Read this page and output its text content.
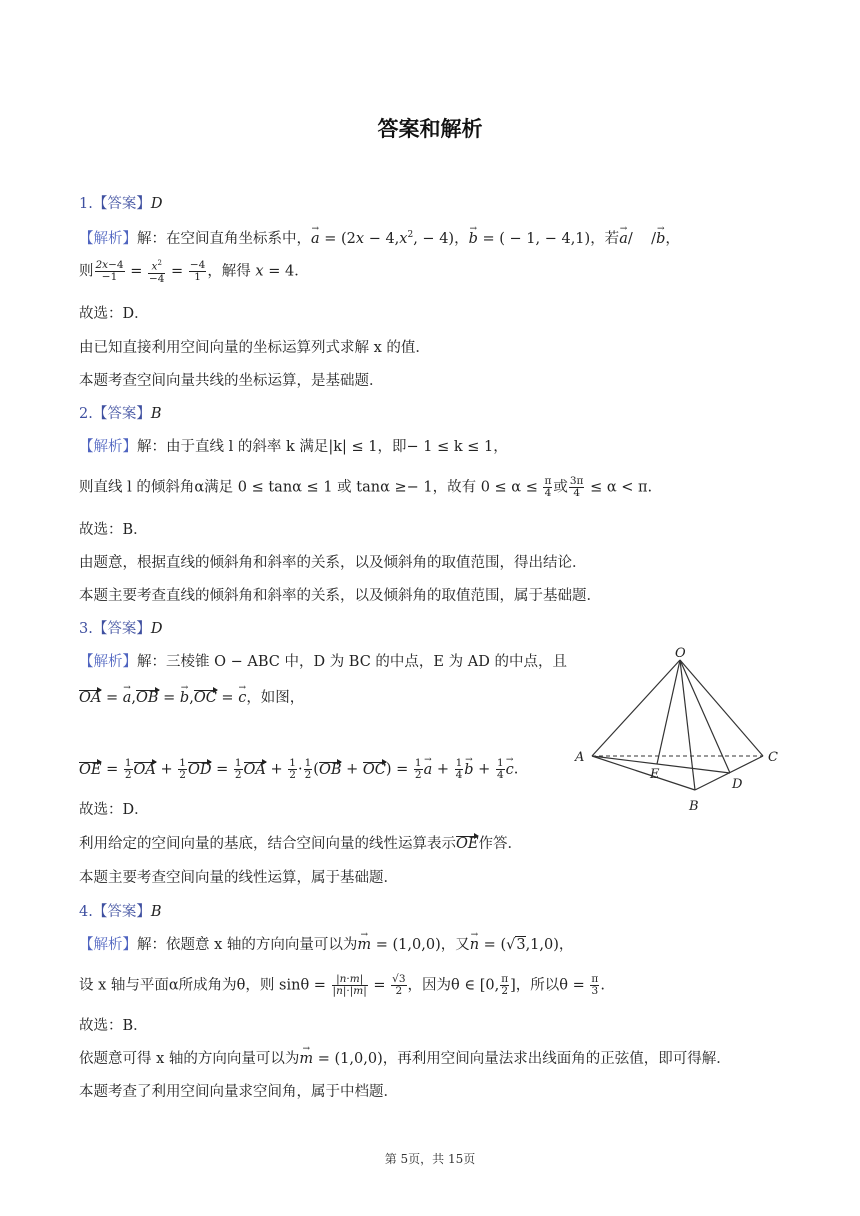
答案和解析
1.【答案】D
【解析】解：在空间直角坐标系中，→ $a = (2x - 4,x^2$, − 4)，→ b = ( − 1, − 4,1)，若→ a/    /→ b，
则 $\frac{2x-4}{-1} = \frac{x^2}{-4} = \frac{-4}{1}$ ，解得 x = 4．
故选：D．
由已知直接利用空间向量的坐标运算列式求解 x 的值．
本题考查空间向量共线的坐标运算，是基础题．
2.【答案】B
【解析】解：由于直线 l 的斜率 k 满足|k| ≤ 1，即− 1 ≤ k ≤ 1，
则直线 l 的倾斜角α满足 0 ≤ tanα ≤ 1 或 tanα ≥− 1，故有 $0 \le \alpha \le \frac{\pi}{4}$ 或 $\frac{3\pi}{4} \le \alpha < \pi$.
故选：B．
由题意，根据直线的倾斜角和斜率的关系，以及倾斜角的取值范围，得出结论．
本题主要考查直线的倾斜角和斜率的关系，以及倾斜角的取值范围，属于基础题．
3.【答案】D
【解析】解：三棱锥 O − ABC 中，D 为 BC 的中点，E 为 AD 的中点，且
OA = → a,OB = → b,OC = → c，如图，
OE = $\frac{1}{2}$ OA + $\frac{1}{2}$ OD = $\frac{1}{2}$ OA + $\frac{1}{2} \cdot \frac{1}{2} (OB + OC) = \frac{1}{2}$
→ $a + \frac{1}{4}$
→ $b + \frac{1}{4}$
→ c.
故选：D．
利用给定的空间向量的基底，结合空间向量的线性运算表示OE作答．
本题主要考查空间向量的线性运算，属于基础题．
O
A
B
C
D
E
4.【答案】B
【解析】解：依题意 x 轴的方向向量可以为→ m = (1,0,0)，又→ n = (√3,1,0)，
设 x 轴与平面α所成角为θ，则 $\sin\theta = \frac{|n\cdot m|}{|n|\cdot|m|} = \frac{√3}{2}$ ，因为θ ∈ [0, $\frac{\pi}{2}$ ]，所以$\theta = \frac{\pi}{3}$ .
故选：B．
依题意可得 x 轴的方向向量可以为→ m = (1,0,0)，再利用空间向量法求出线面角的正弦值，即可得解．
本题考查了利用空间向量求空间角，属于中档题．
第 5页，共 15页
